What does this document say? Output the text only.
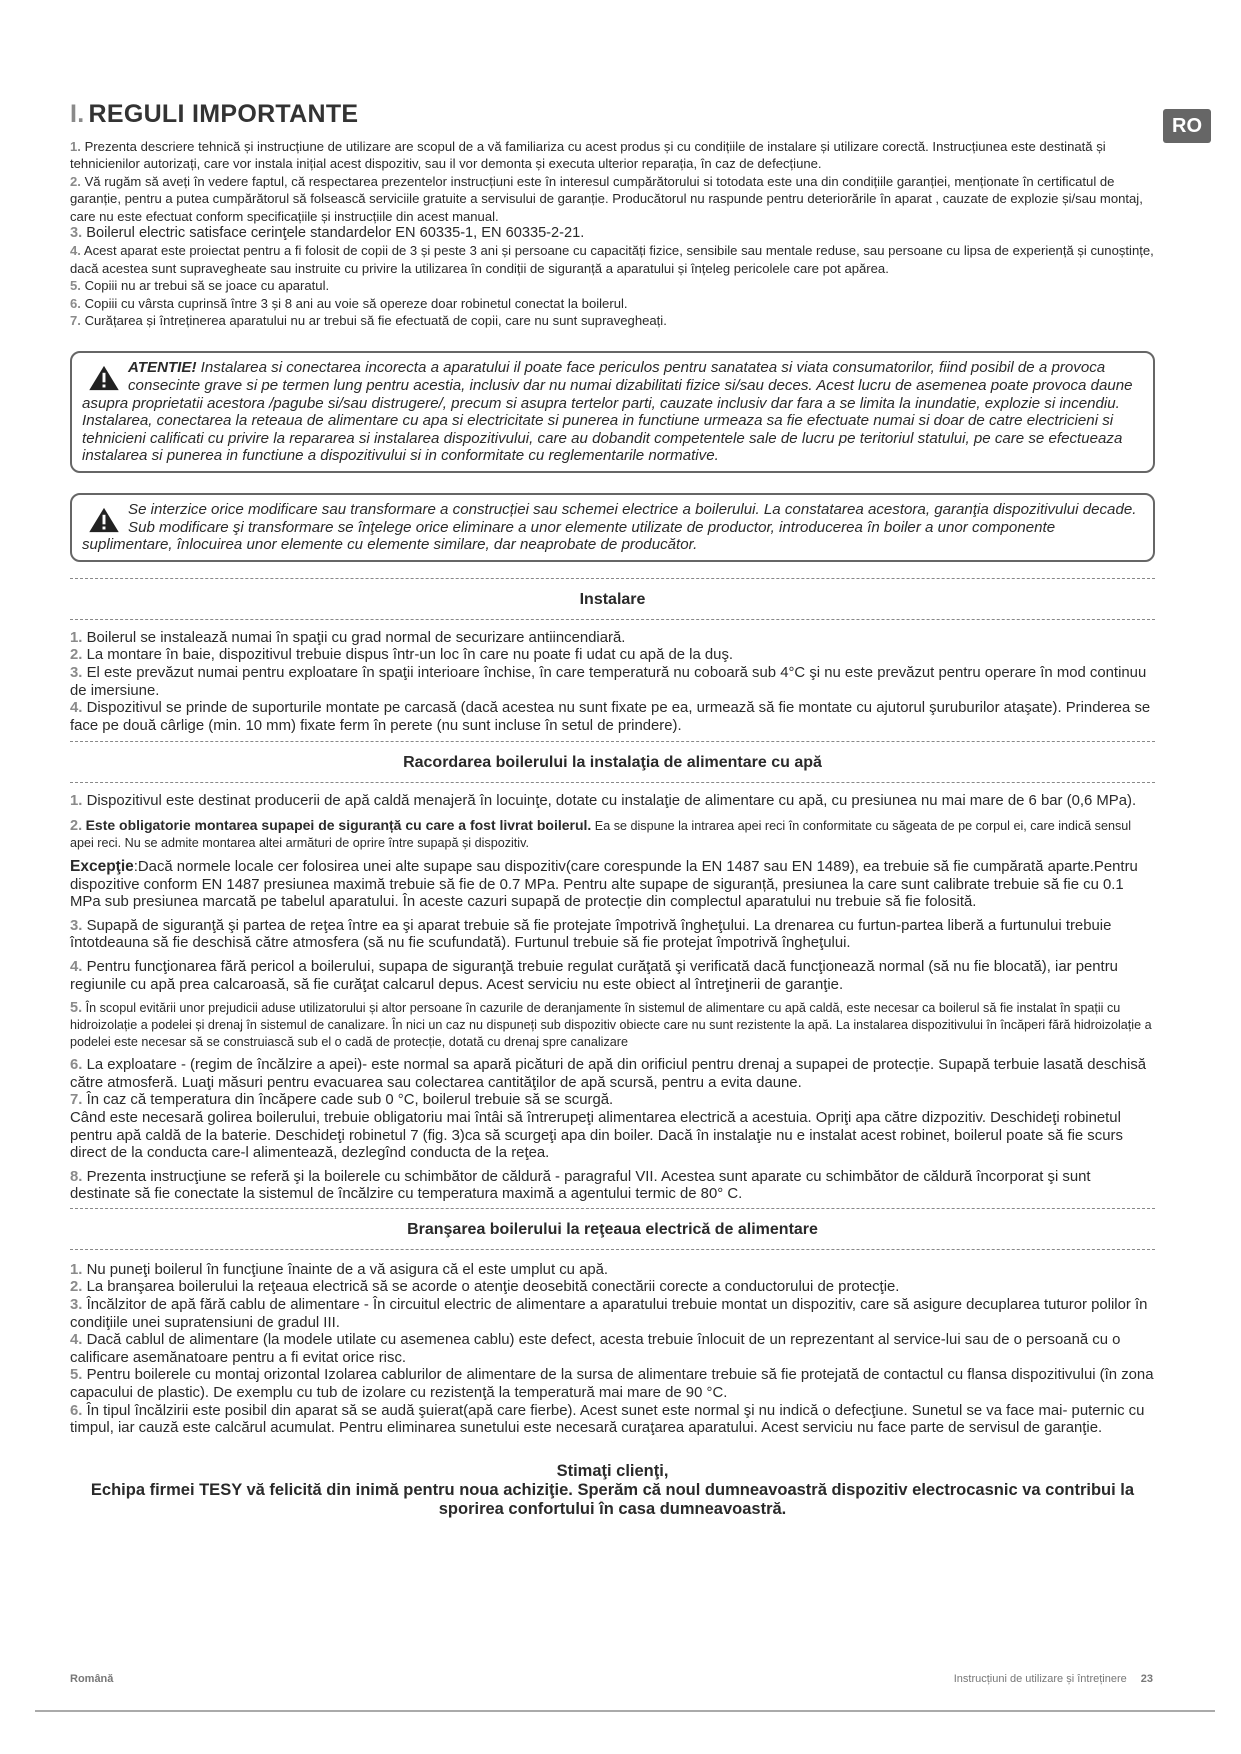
RO
I. REGULI IMPORTANTE

1. Prezenta descriere tehnică și instrucțiune de utilizare are scopul de a vă familiariza cu acest produs și cu condițiile de instalare și utilizare corectă. Instrucțiunea este destinată și tehnicienilor autorizați, care vor instala inițial acest dispozitiv, sau il vor demonta și executa ulterior reparația, în caz de defecțiune.

2. Vă rugăm să aveți în vedere faptul, că respectarea prezentelor instrucțiuni este în interesul cumpărătorului si totodata este una din condițiile garanției, menționate în certificatul de garanție, pentru a putea cumpărătorul să folsească serviciile gratuite a servisului de garanție. Producătorul nu raspunde pentru deteriorările în aparat , cauzate de explozie și/sau montaj, care nu este efectuat conform specificațiile și instrucțiile din acest manual.

3. Boilerul electric satisface cerinţele standardelor EN 60335-1, EN 60335-2-21.

4. Acest aparat este proiectat pentru a fi folosit de copii de 3 și peste 3 ani și persoane cu capacități fizice, sensibile sau mentale reduse, sau persoane cu lipsa de experiență și cunoștințe, dacă acestea sunt supravegheate sau instruite cu privire la utilizarea în condiții de siguranță a aparatului și înțeleg pericolele care pot apărea.

5. Copiii nu ar trebui să se joace cu aparatul.

6. Copiii cu vârsta cuprinsă între 3 și 8 ani au voie să opereze doar robinetul conectat la boilerul.

7. Curățarea și întreținerea aparatului nu ar trebui să fie efectuată de copii, care nu sunt supravegheați.

ATENTIE! Instalarea si conectarea incorecta a aparatului il poate face periculos pentru sanatatea si viata consumatorilor, fiind posibil de a provoca consecinte grave si pe termen lung pentru acestia, inclusiv dar nu numai dizabilitati fizice si/sau deces. Acest lucru de asemenea poate provoca daune asupra proprietatii acestora /pagube si/sau distrugere/, precum si asupra tertelor parti, cauzate inclusiv dar fara a se limita la inundatie, explozie si incendiu. Instalarea, conectarea la reteaua de alimentare cu apa si electricitate si punerea in functiune urmeaza sa fie efectuate numai si doar de catre electricieni si tehnicieni calificati cu privire la repararea si instalarea dispozitivului, care au dobandit competentele sale de lucru pe teritoriul statului, pe care se efectueaza instalarea si punerea in functiune a dispozitivului si in conformitate cu reglementarile normative.
Se interzice orice modificare sau transformare a construcției sau schemei electrice a boilerului. La constatarea acestora, garanţia dispozitivului decade. Sub modificare şi transformare se înţelege orice eliminare a unor elemente utilizate de productor, introducerea în boiler a unor componente suplimentare, înlocuirea unor elemente cu elemente similare, dar neaprobate de producător.
Instalare

1. Boilerul se instalează numai în spaţii cu grad normal de securizare antiincendiară.

2. La montare în baie, dispozitivul trebuie dispus într-un loc în care nu poate fi udat cu apă de la duş.

3. El este prevăzut numai pentru exploatare în spaţii interioare închise, în care temperatură nu coboară sub 4°C şi nu este prevăzut pentru operare în mod continuu de imersiune.

4. Dispozitivul se prinde de suporturile montate pe carcasă (dacă acestea nu sunt fixate pe ea, urmează să fie montate cu ajutorul şuruburilor ataşate). Prinderea se face pe două cârlige (min. 10 mm) fixate ferm în perete (nu sunt incluse în setul de prindere).

Racordarea boilerului la instalaţia de alimentare cu apă

1. Dispozitivul este destinat producerii de apă caldă menajeră în locuinţe, dotate cu instalaţie de alimentare cu apă, cu presiunea nu mai mare de 6 bar (0,6 MPa).

2. Este obligatorie montarea supapei de siguranță cu care a fost livrat boilerul. Ea se dispune la intrarea apei reci în conformitate cu săgeata de pe corpul ei, care indică sensul apei reci. Nu se admite montarea altei armături de oprire între supapă și dispozitiv.

Excepţie:Dacă normele locale cer folosirea unei alte supape sau dispozitiv(care corespunde la EN 1487 sau EN 1489), ea trebuie să fie cumpărată aparte.Pentru dispozitive conform EN 1487 presiunea maximă trebuie să fie de 0.7 MPa. Pentru alte supape de siguranță, presiunea la care sunt calibrate trebuie să fie cu 0.1 MPa sub presiunea marcată pe tabelul aparatului. În aceste cazuri supapă de protecție din complectul aparatului nu trebuie să fie folosită.

3. Supapă de siguranţă şi partea de reţea între ea şi aparat trebuie să fie protejate împotrivă îngheţului. La drenarea cu furtun-partea liberă a furtunului trebuie întotdeauna să fie deschisă către atmosfera (să nu fie scufundată). Furtunul trebuie să fie protejat împotrivă îngheţului.

4. Pentru funcţionarea fără pericol a boilerului, supapa de siguranţă trebuie regulat curăţată şi verificată dacă funcţionează normal (să nu fie blocată), iar pentru regiunile cu apă prea calcaroasă, să fie curăţat calcarul depus. Acest serviciu nu este obiect al întreţinerii de garanţie.

5. În scopul evitării unor prejudicii aduse utilizatorului și altor persoane în cazurile de deranjamente în sistemul de alimentare cu apă caldă, este necesar ca boilerul să fie instalat în spații cu hidroizolație a podelei și drenaj în sistemul de canalizare. În nici un caz nu dispuneți sub dispozitiv obiecte care nu sunt rezistente la apă. La instalarea dispozitivului în încăperi fără hidroizolație a podelei este necesar să se construiască sub el o cadă de protecție, dotată cu drenaj spre canalizare

6. La exploatare - (regim de încălzire a apei)- este normal sa apară picături de apă din orificiul pentru drenaj a supapei de protecție. Supapă terbuie lasată deschisă către atmosferă. Luaţi măsuri pentru evacuarea sau colectarea cantităţilor de apă scursă, pentru a evita daune.

7. În caz că temperatura din încăpere cade sub 0 °C, boilerul trebuie să se scurgă.

Când este necesară golirea boilerului, trebuie obligatoriu mai întâi să întrerupeţi alimentarea electrică a acestuia. Opriţi apa către dizpozitiv. Deschideţi robinetul pentru apă caldă de la baterie. Deschideţi robinetul 7 (fig. 3)ca să scurgeţi apa din boiler. Dacă în instalaţie nu e instalat acest robinet, boilerul poate să fie scurs direct de la conducta care-l alimentează, dezlegînd conducta de la reţea.

8. Prezenta instrucţiune se referă şi la boilerele cu schimbător de căldură - paragraful VII. Acestea sunt aparate cu schimbător de căldură încorporat şi sunt destinate să fie conectate la sistemul de încălzire cu temperatura maximă a agentului termic de 80° C.

Branşarea boilerului la reţeaua electrică de alimentare

1. Nu puneţi boilerul în funcţiune înainte de a vă asigura că el este umplut cu apă.

2. La branşarea boilerului la reţeaua electrică să se acorde o atenţie deosebită conectării corecte a conductorului de protecţie.

3. Încălzitor de apă fără cablu de alimentare - În circuitul electric de alimentare a aparatului trebuie montat un dispozitiv, care să asigure decuplarea tuturor polilor în condiţiile unei supratensiuni de gradul III.

4. Dacă cablul de alimentare (la modele utilate cu asemenea cablu) este defect, acesta trebuie înlocuit de un reprezentant al service-lui sau de o persoană cu o calificare asemănatoare pentru a fi evitat orice risc.

5. Pentru boilerele cu montaj orizontal Izolarea cablurilor de alimentare de la sursa de alimentare trebuie să fie protejată de contactul cu flansa dispozitivului (în zona capacului de plastic). De exemplu cu tub de izolare cu rezistenţă la temperatură mai mare de 90 °C.

6. În tipul încălzirii este posibil din aparat să se audă şuierat(apă care fierbe). Acest sunet este normal şi nu indică o defecţiune. Sunetul se va face mai- puternic cu timpul, iar cauză este calcărul acumulat. Pentru eliminarea sunetului este necesară curaţarea aparatului. Acest serviciu nu face parte de servisul de garanţie.

Stimaţi clienţi,
Echipa firmei TESY vă felicită din inimă pentru noua achiziţie. Sperăm că noul dumneavoastră dispozitiv electrocasnic va contribui la sporirea confortului în casa dumneavoastră.
Română	Instrucțiuni de utilizare și întreținere 23
